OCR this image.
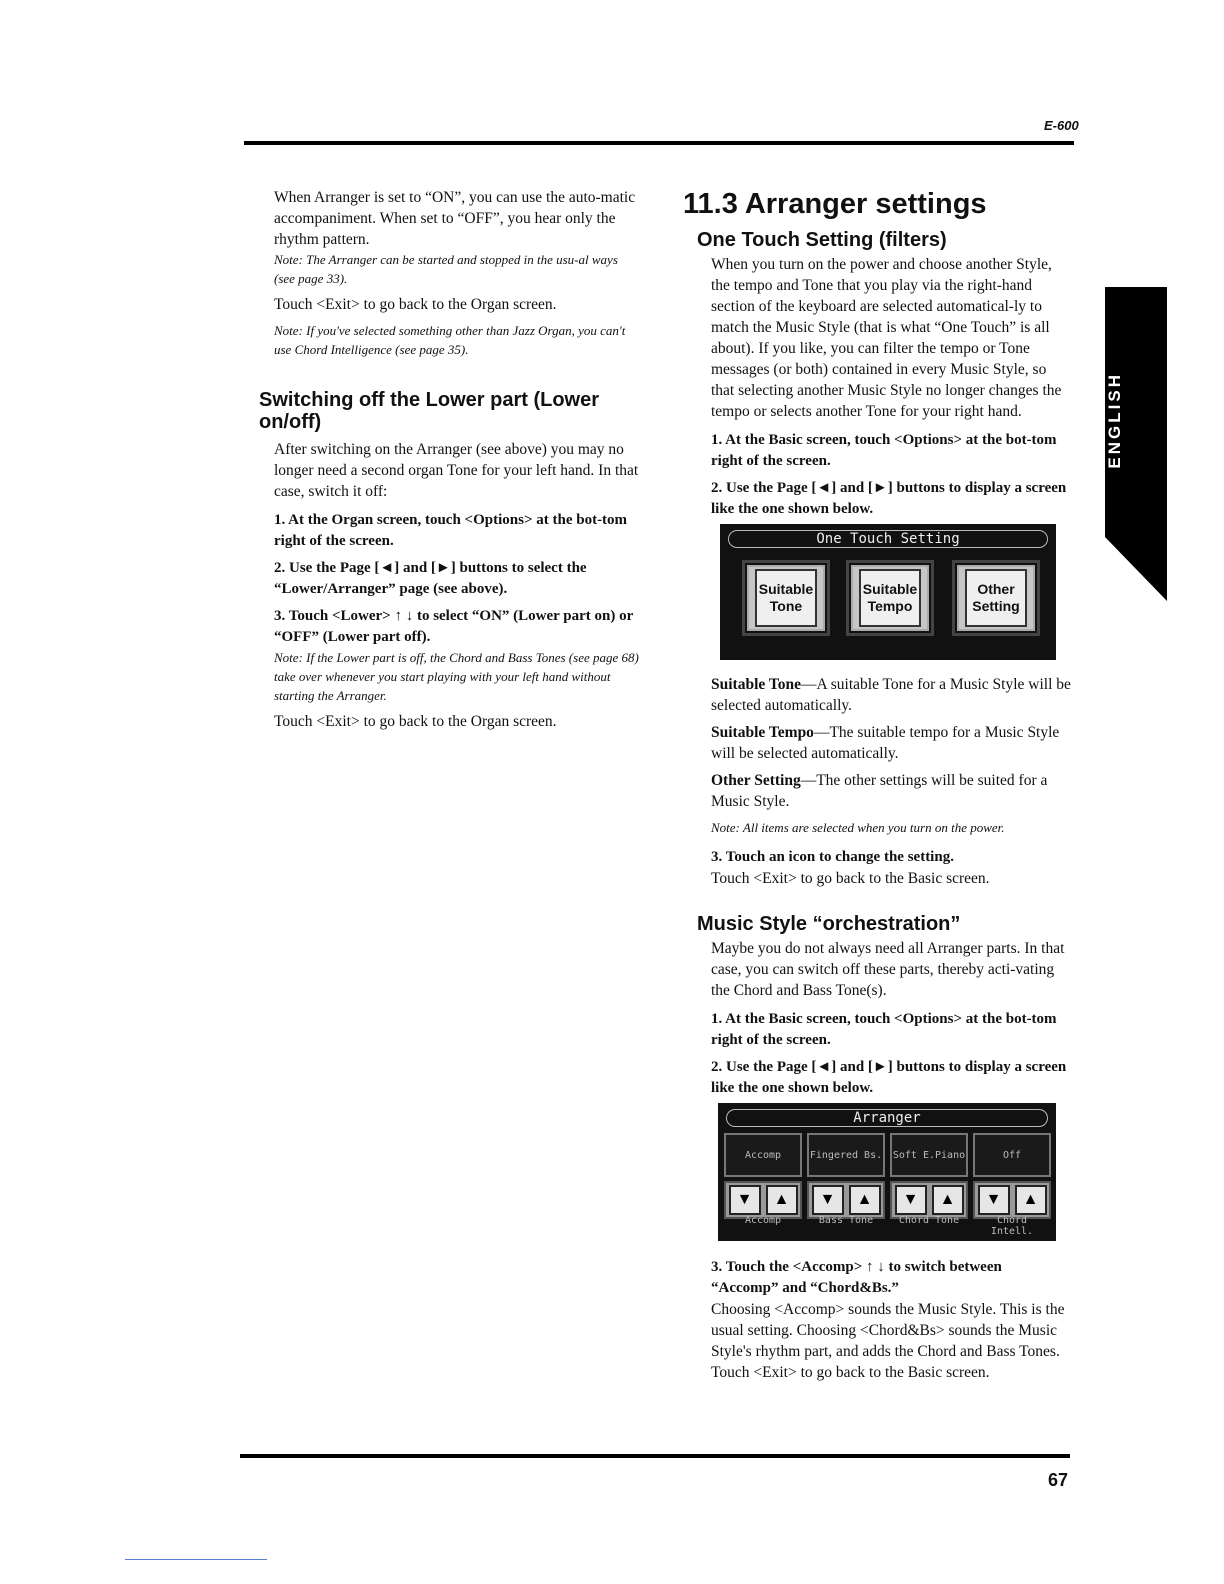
E-600
ENGLISH

When Arranger is set to “ON”, you can use the auto-matic accompaniment. When set to “OFF”, you hear only the rhythm pattern.

Note: The Arranger can be started and stopped in the usu-al ways (see page 33).

Touch <Exit> to go back to the Organ screen.

Note: If you've selected something other than Jazz Organ, you can't use Chord Intelligence (see page 35).

Switching off the Lower part (Lower on/off)

After switching on the Arranger (see above) you may no longer need a second organ Tone for your left hand. In that case, switch it off:

1. At the Organ screen, touch <Options> at the bot-tom right of the screen.

2. Use the Page [◄] and [►] buttons to select the “Lower/Arranger” page (see above).

3. Touch <Lower> ↑ ↓ to select “ON” (Lower part on) or “OFF” (Lower part off).

Note: If the Lower part is off, the Chord and Bass Tones (see page 68) take over whenever you start playing with your left hand without starting the Arranger.

Touch <Exit> to go back to the Organ screen.

11.3 Arranger settings
One Touch Setting (filters)

When you turn on the power and choose another Style, the tempo and Tone that you play via the right-hand section of the keyboard are selected automatical-ly to match the Music Style (that is what “One Touch” is all about). If you like, you can filter the tempo or Tone messages (or both) contained in every Music Style, so that selecting another Music Style no longer changes the tempo or selects another Tone for your right hand.

1. At the Basic screen, touch <Options> at the bot-tom right of the screen.

2. Use the Page [◄] and [►] buttons to display a screen like the one shown below.

One Touch Setting
Suitable Tone
Suitable Tempo
Other Setting

Suitable Tone—A suitable Tone for a Music Style will be selected automatically.

Suitable Tempo—The suitable tempo for a Music Style will be selected automatically.

Other Setting—The other settings will be suited for a Music Style.

Note: All items are selected when you turn on the power.

3. Touch an icon to change the setting.

Touch <Exit> to go back to the Basic screen.

Music Style “orchestration”

Maybe you do not always need all Arranger parts. In that case, you can switch off these parts, thereby acti-vating the Chord and Bass Tone(s).

1. At the Basic screen, touch <Options> at the bot-tom right of the screen.

2. Use the Page [◄] and [►] buttons to display a screen like the one shown below.

Arranger
Accomp
▼	▲
Fingered Bs.
▼	▲
Soft E.Piano
▼	▲
Off
▼	▲
Accomp	Bass Tone	Chord Tone	Chord Intell.

3. Touch the <Accomp> ↑ ↓ to switch between “Accomp” and “Chord&Bs.”

Choosing <Accomp> sounds the Music Style. This is the usual setting. Choosing <Chord&Bs> sounds the Music Style's rhythm part, and adds the Chord and Bass Tones.

Touch <Exit> to go back to the Basic screen.

67
